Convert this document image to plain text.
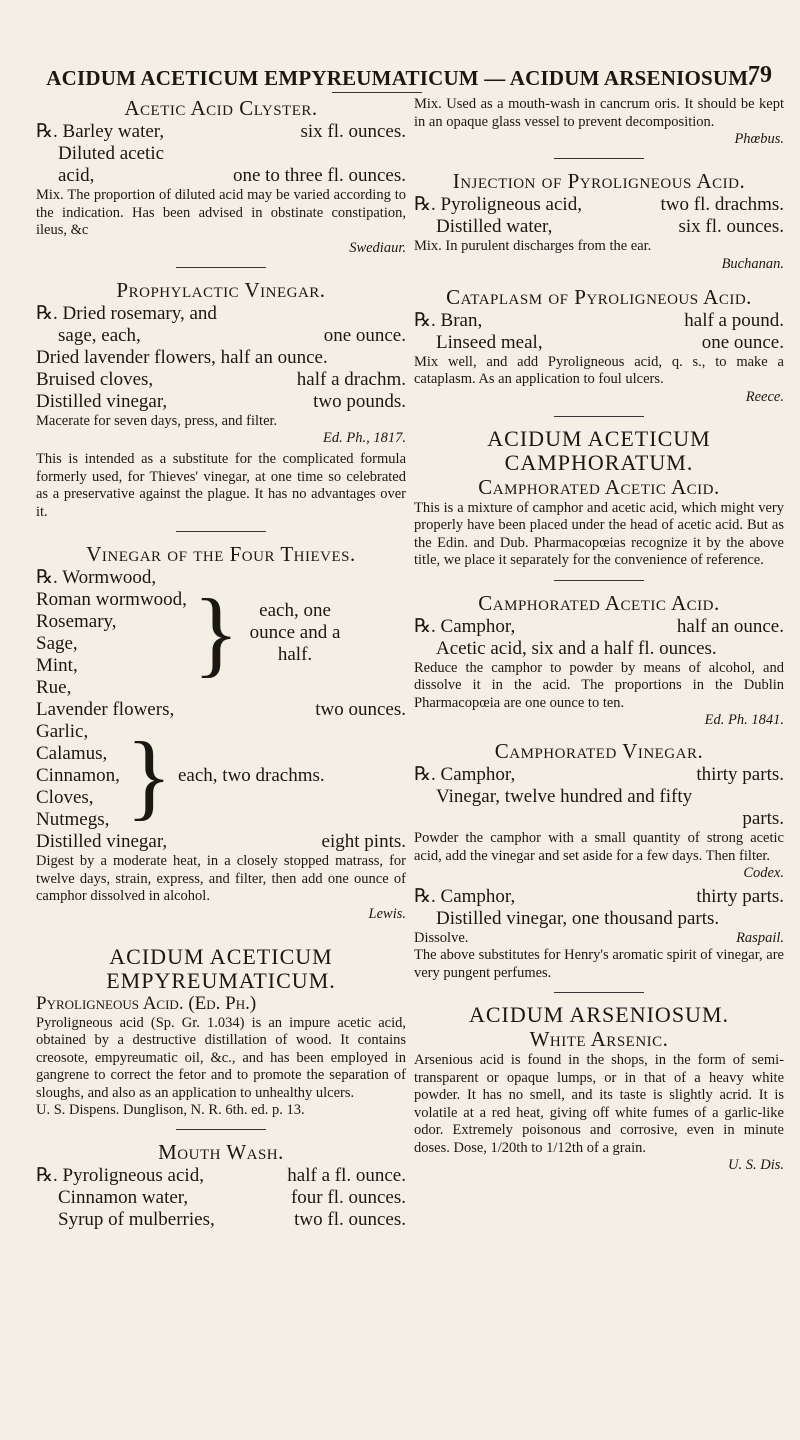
ACIDUM ACETICUM EMPYREUMATICUM — ACIDUM ARSENIOSUM.
79

Acetic Acid Clyster.

℞. Barley water,	six fl. ounces.
Diluted acetic
acid,	one to three fl. ounces.
Mix. The proportion of diluted acid may be varied according to the indication. Has been advised in obstinate constipation, ileus, &c
Swediaur.

Prophylactic Vinegar.

℞. Dried rosemary, and
sage, each,	one ounce.
Dried lavender flowers, half an ounce.
Bruised cloves,	half a drachm.
Distilled vinegar,	two pounds.
Macerate for seven days, press, and filter.
Ed. Ph., 1817.
This is intended as a substitute for the complicated formula formerly used, for Thieves' vinegar, at one time so celebrated as a preservative against the plague. It has no advantages over it.

Vinegar of the Four Thieves.

℞. Wormwood,
Roman wormwood,
Rosemary,
Sage,
Mint,
Rue,
}	each, one ounce and a half.
Lavender flowers,	two ounces.
Garlic,
Calamus,
Cinnamon,
Cloves,
Nutmegs, } each, two drachms.
Distilled vinegar,	eight pints.
Digest by a moderate heat, in a closely stopped matrass, for twelve days, strain, express, and filter, then add one ounce of camphor dissolved in alcohol.
Lewis.

ACIDUM ACETICUM EMPYREUMATICUM.

Pyroligneous Acid. (Ed. Ph.)
Pyroligneous acid (Sp. Gr. 1.034) is an impure acetic acid, obtained by a destructive distillation of wood. It contains creosote, empyreumatic oil, &c., and has been employed in gangrene to correct the fetor and to promote the separation of sloughs, and also as an application to unhealthy ulcers.
U. S. Dispens. Dunglison, N. R. 6th. ed. p. 13.

Mouth Wash.

℞. Pyroligneous acid,	half a fl. ounce.
Cinnamon water,	four fl. ounces.
Syrup of mulberries,	two fl. ounces.
Mix. Used as a mouth-wash in cancrum oris. It should be kept in an opaque glass vessel to prevent decomposition.
Phœbus.

Injection of Pyroligneous Acid.

℞. Pyroligneous acid,	two fl. drachms.
Distilled water,	six fl. ounces.
Mix. In purulent discharges from the ear.
Buchanan.

Cataplasm of Pyroligneous Acid.

℞. Bran,	half a pound.
Linseed meal,	one ounce.
Mix well, and add Pyroligneous acid, q. s., to make a cataplasm. As an application to foul ulcers.
Reece.

ACIDUM ACETICUM CAMPHORATUM.

Camphorated Acetic Acid.

This is a mixture of camphor and acetic acid, which might very properly have been placed under the head of acetic acid. But as the Edin. and Dub. Pharmacopœias recognize it by the above title, we place it separately for the convenience of reference.

Camphorated Acetic Acid.

℞. Camphor,	half an ounce.
Acetic acid, six and a half fl. ounces.
Reduce the camphor to powder by means of alcohol, and dissolve it in the acid. The proportions in the Dublin Pharmacopœia are one ounce to ten.
Ed. Ph. 1841.

Camphorated Vinegar.

℞. Camphor,	thirty parts.
Vinegar, twelve hundred and fifty
parts.
Powder the camphor with a small quantity of strong acetic acid, add the vinegar and set aside for a few days. Then filter.
Codex.
℞. Camphor,	thirty parts.
Distilled vinegar, one thousand parts.
Dissolve.	Raspail.
The above substitutes for Henry's aromatic spirit of vinegar, are very pungent perfumes.

ACIDUM ARSENIOSUM.

White Arsenic.

Arsenious acid is found in the shops, in the form of semi-transparent or opaque lumps, or in that of a heavy white powder. It has no smell, and its taste is slightly acrid. It is volatile at a red heat, giving off white fumes of a garlic-like odor. Extremely poisonous and corrosive, even in minute doses. Dose, 1/20th to 1/12th of a grain.
U. S. Dis.
